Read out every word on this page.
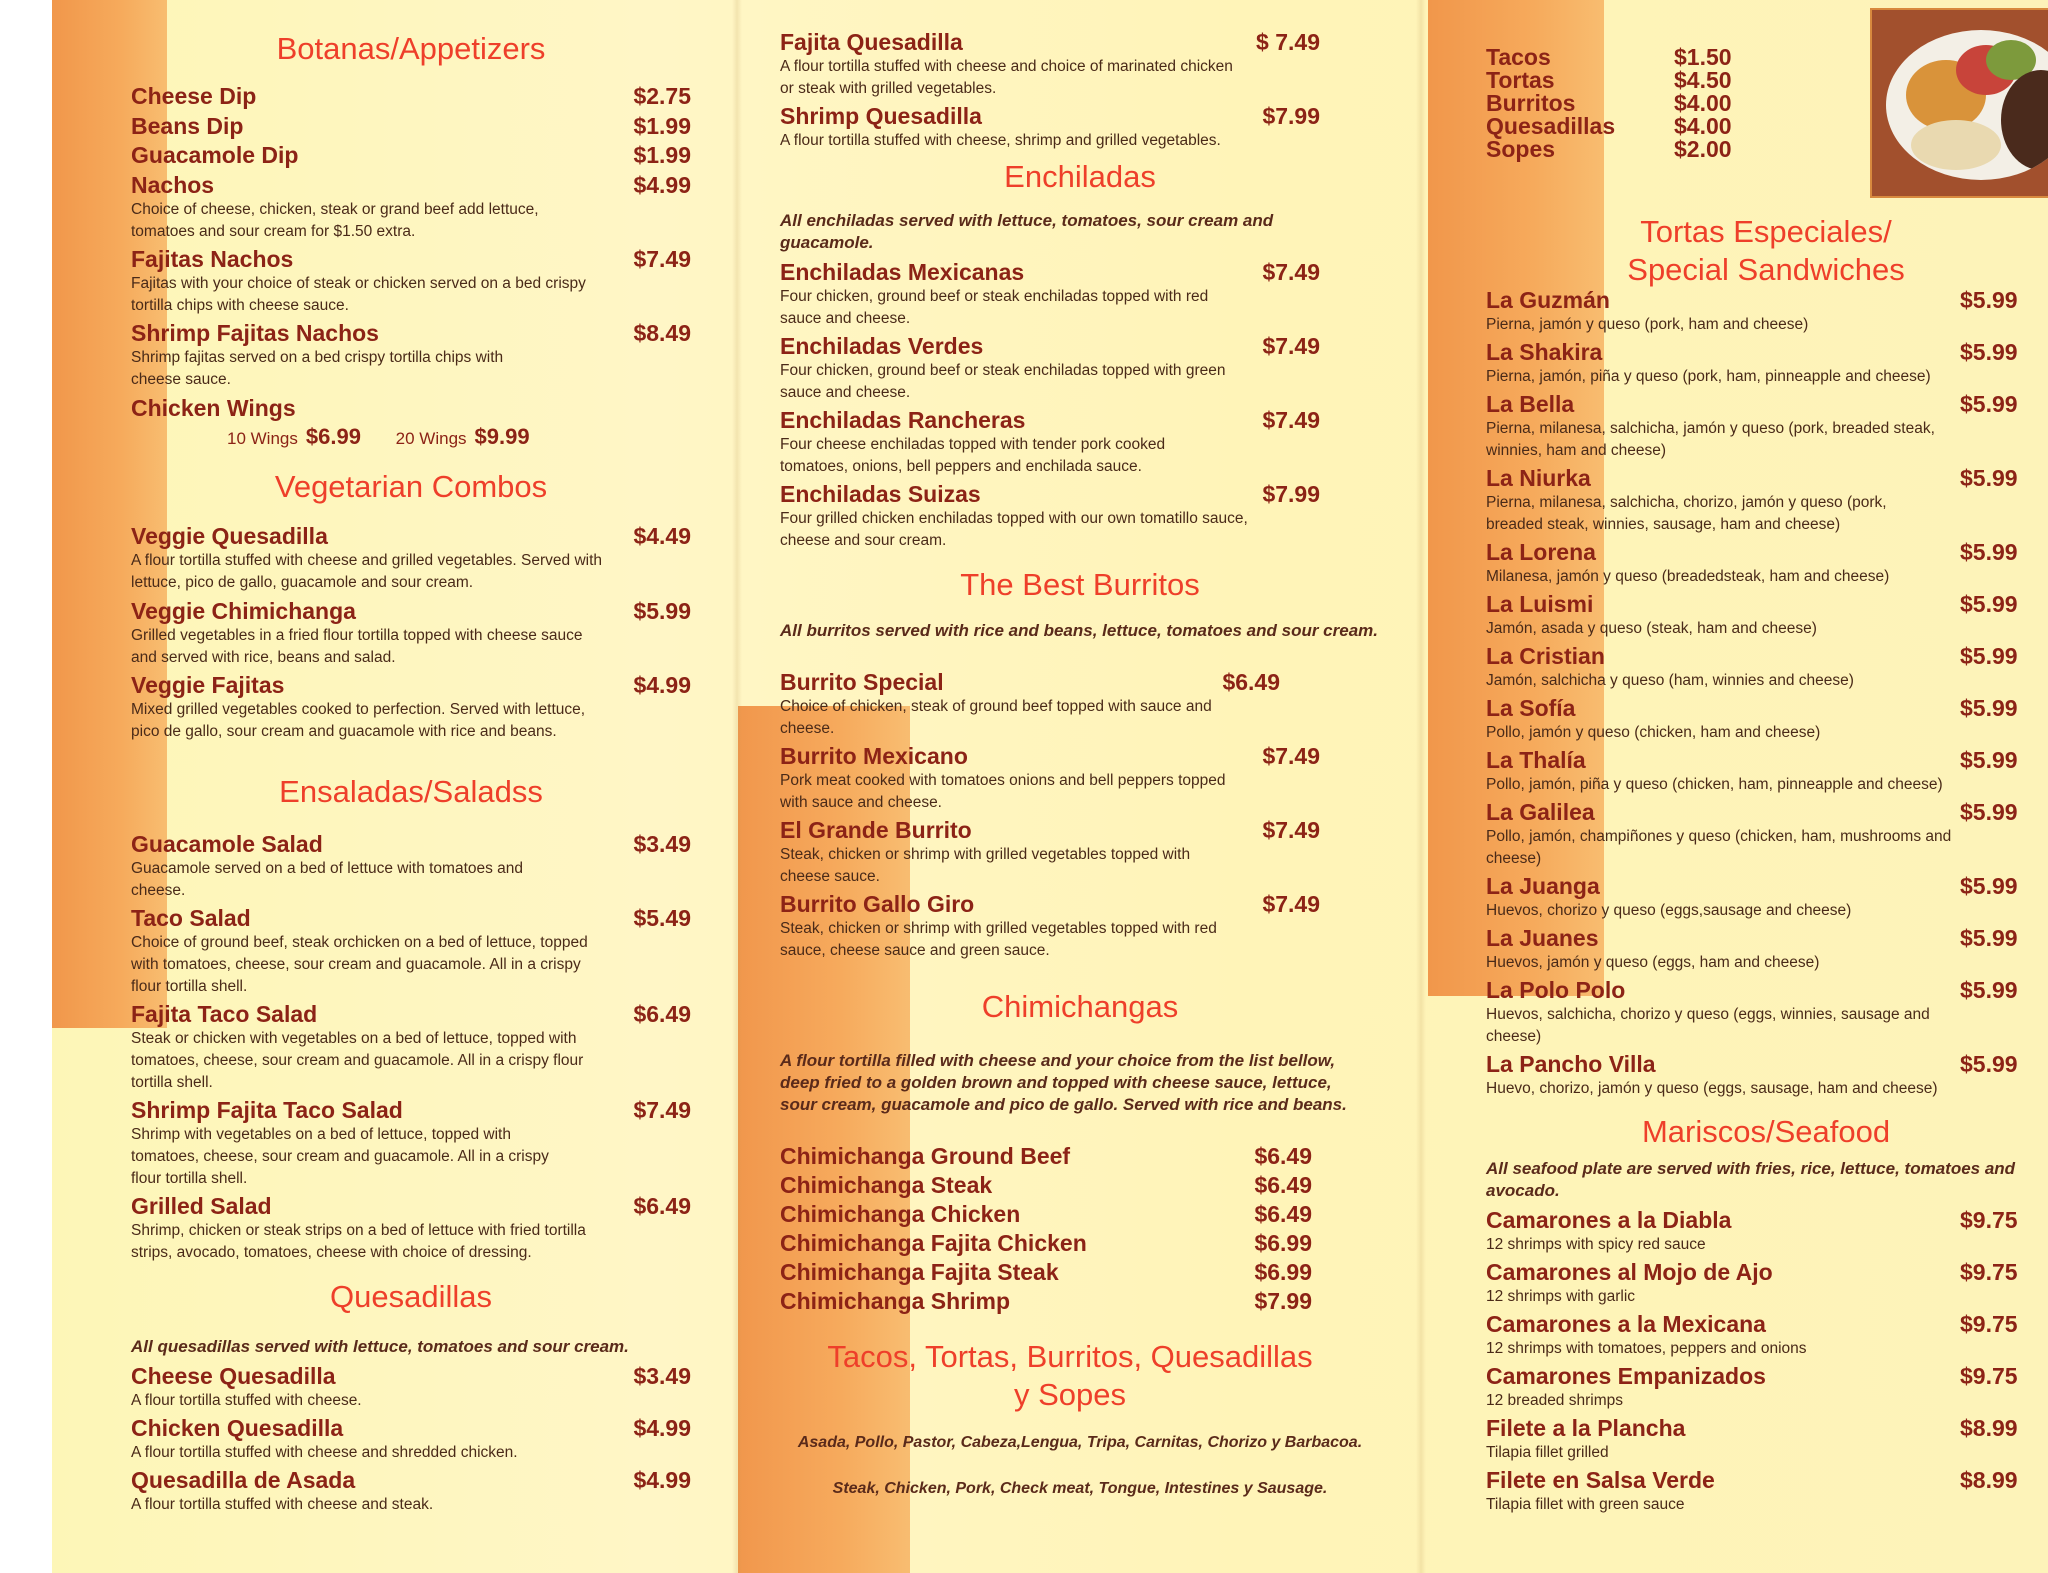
Botanas/Appetizers
Cheese Dip	$2.75
Beans Dip	$1.99
Guacamole Dip	$1.99
Nachos	$4.99
Choice of cheese, chicken, steak or grand beef add lettuce, tomatoes and sour cream for $1.50 extra.
Fajitas Nachos	$7.49
Fajitas with your choice of steak or chicken served on a bed crispy tortilla chips with cheese sauce.
Shrimp Fajitas Nachos	$8.49
Shrimp fajitas served on a bed crispy tortilla chips with cheese sauce.
Chicken Wings
10 Wings $6.99 20 Wings $9.99
Vegetarian Combos
Veggie Quesadilla	$4.49
A flour tortilla stuffed with cheese and grilled vegetables. Served with lettuce, pico de gallo, guacamole and sour cream.
Veggie Chimichanga	$5.99
Grilled vegetables in a fried flour tortilla topped with cheese sauce and served with rice, beans and salad.
Veggie Fajitas	$4.99
Mixed grilled vegetables cooked to perfection. Served with lettuce, pico de gallo, sour cream and guacamole with rice and beans.
Ensaladas/Saladss
Guacamole Salad	$3.49
Guacamole served on a bed of lettuce with tomatoes and cheese.
Taco Salad	$5.49
Choice of ground beef, steak orchicken on a bed of lettuce, topped with tomatoes, cheese, sour cream and guacamole. All in a crispy flour tortilla shell.
Fajita Taco Salad	$6.49
Steak or chicken with vegetables on a bed of lettuce, topped with tomatoes, cheese, sour cream and guacamole. All in a crispy flour tortilla shell.
Shrimp Fajita Taco Salad	$7.49
Shrimp with vegetables on a bed of lettuce, topped with tomatoes, cheese, sour cream and guacamole. All in a crispy flour tortilla shell.
Grilled Salad	$6.49
Shrimp, chicken or steak strips on a bed of lettuce with fried tortilla strips, avocado, tomatoes, cheese with choice of dressing.
Quesadillas
All quesadillas served with lettuce, tomatoes and sour cream.
Cheese Quesadilla	$3.49
A flour tortilla stuffed with cheese.
Chicken Quesadilla	$4.99
A flour tortilla stuffed with cheese and shredded chicken.
Quesadilla de Asada	$4.99
A flour tortilla stuffed with cheese and steak.
Fajita Quesadilla	$ 7.49
A flour tortilla stuffed with cheese and choice of marinated chicken or steak with grilled vegetables.
Shrimp Quesadilla	$7.99
A flour tortilla stuffed with cheese, shrimp and grilled vegetables.
Enchiladas
All enchiladas served with lettuce, tomatoes, sour cream and guacamole.
Enchiladas Mexicanas	$7.49
Four chicken, ground beef or steak enchiladas topped with red sauce and cheese.
Enchiladas Verdes	$7.49
Four chicken, ground beef or steak enchiladas topped with green sauce and cheese.
Enchiladas Rancheras	$7.49
Four cheese enchiladas topped with tender pork cooked tomatoes, onions, bell peppers and enchilada sauce.
Enchiladas Suizas	$7.99
Four grilled chicken enchiladas topped with our own tomatillo sauce, cheese and sour cream.
The Best Burritos
All burritos served with rice and beans, lettuce, tomatoes and sour cream.
Burrito Special	$6.49
Choice of chicken, steak of ground beef topped with sauce and cheese.
Burrito Mexicano	$7.49
Pork meat cooked with tomatoes onions and bell peppers topped with sauce and cheese.
El Grande Burrito	$7.49
Steak, chicken or shrimp with grilled vegetables topped with cheese sauce.
Burrito Gallo Giro	$7.49
Steak, chicken or shrimp with grilled vegetables topped with red sauce, cheese sauce and green sauce.
Chimichangas
A flour tortilla filled with cheese and your choice from the list bellow, deep fried to a golden brown and topped with cheese sauce, lettuce, sour cream, guacamole and pico de gallo. Served with rice and beans.
Chimichanga Ground Beef	$6.49
Chimichanga Steak	$6.49
Chimichanga Chicken	$6.49
Chimichanga Fajita Chicken	$6.99
Chimichanga Fajita Steak	$6.99
Chimichanga Shrimp	$7.99
Tacos, Tortas, Burritos, Quesadillas
y Sopes
Asada, Pollo, Pastor, Cabeza,Lengua, Tripa, Carnitas, Chorizo y Barbacoa.
Steak, Chicken, Pork, Check meat, Tongue, Intestines y Sausage.
Tacos	$1.50
Tortas	$4.50
Burritos	$4.00
Quesadillas	$4.00
Sopes	$2.00
Tortas Especiales/
Special Sandwiches
La Guzmán	$5.99
Pierna, jamón y queso (pork, ham and cheese)
La Shakira	$5.99
Pierna, jamón, piña y queso (pork, ham, pinneapple and cheese)
La Bella	$5.99
Pierna, milanesa, salchicha, jamón y queso (pork, breaded steak, winnies, ham and cheese)
La Niurka	$5.99
Pierna, milanesa, salchicha, chorizo, jamón y queso (pork, breaded steak, winnies, sausage, ham and cheese)
La Lorena	$5.99
Milanesa, jamón y queso (breadedsteak, ham and cheese)
La Luismi	$5.99
Jamón, asada y queso (steak, ham and cheese)
La Cristian	$5.99
Jamón, salchicha y queso (ham, winnies and cheese)
La Sofía	$5.99
Pollo, jamón y queso (chicken, ham and cheese)
La Thalía	$5.99
Pollo, jamón, piña y queso (chicken, ham, pinneapple and cheese)
La Galilea	$5.99
Pollo, jamón, champiñones y queso (chicken, ham, mushrooms and cheese)
La Juanga	$5.99
Huevos, chorizo y queso (eggs,sausage and cheese)
La Juanes	$5.99
Huevos, jamón y queso (eggs, ham and cheese)
La Polo Polo	$5.99
Huevos, salchicha, chorizo y queso (eggs, winnies, sausage and cheese)
La Pancho Villa	$5.99
Huevo, chorizo, jamón y queso (eggs, sausage, ham and cheese)
Mariscos/Seafood
All seafood plate are served with fries, rice, lettuce, tomatoes and avocado.
Camarones a la Diabla	$9.75
12 shrimps with spicy red sauce
Camarones al Mojo de Ajo	$9.75
12 shrimps with garlic
Camarones a la Mexicana	$9.75
12 shrimps with tomatoes, peppers and onions
Camarones Empanizados	$9.75
12 breaded shrimps
Filete a la Plancha	$8.99
Tilapia fillet grilled
Filete en Salsa Verde	$8.99
Tilapia fillet with green sauce
